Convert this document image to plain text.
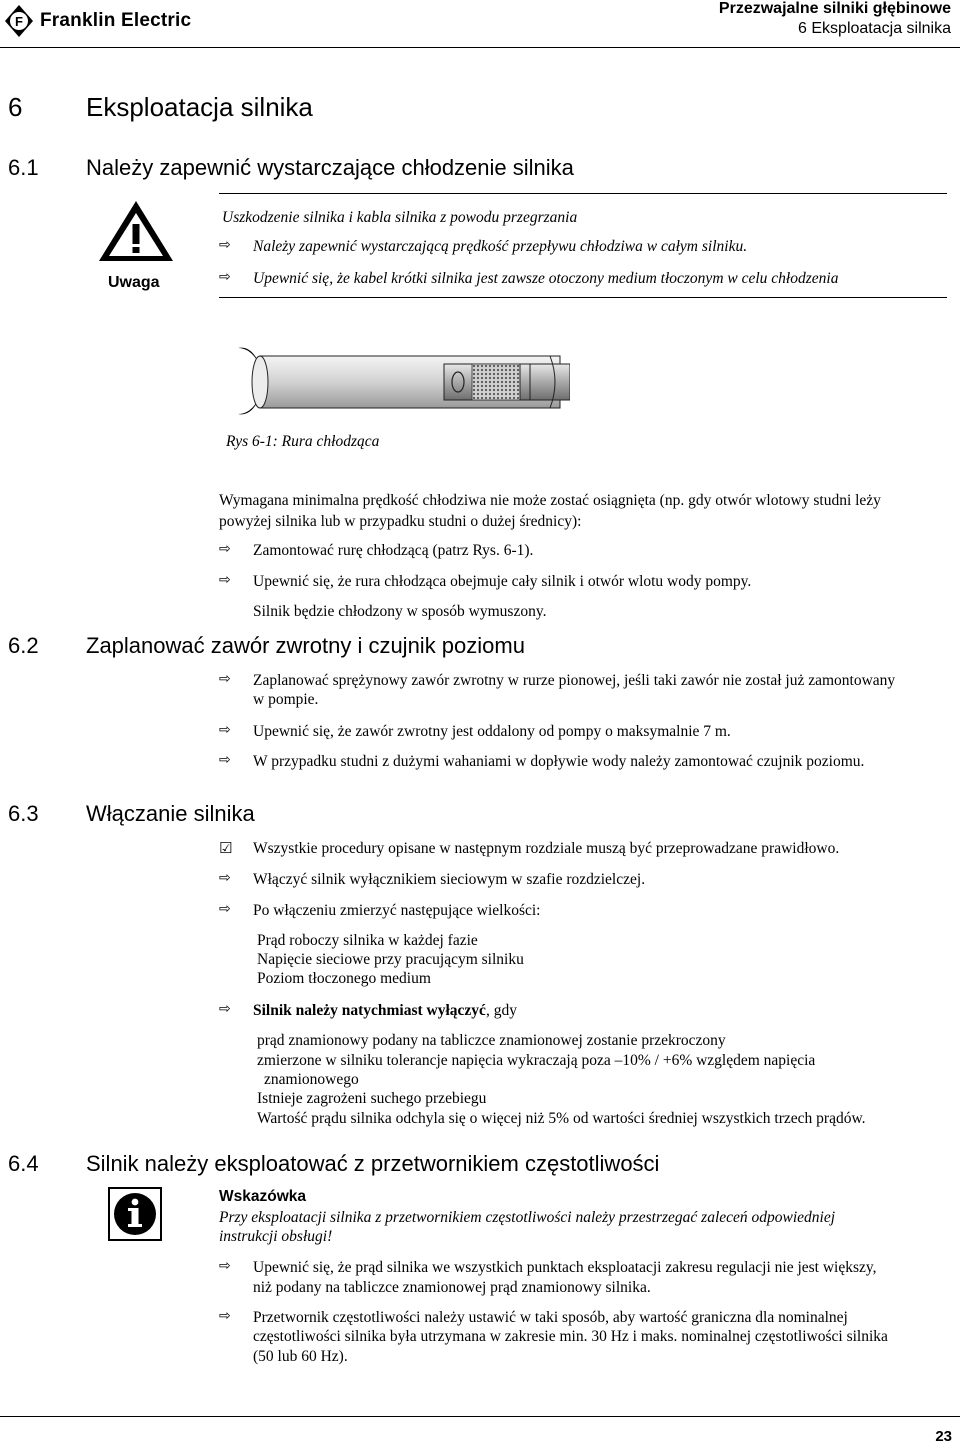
F Franklin Electric
Przezwajalne silniki głębinowe
6 Eksploatacja silnika
6 Eksploatacja silnika
6.1 Należy zapewnić wystarczające chłodzenie silnika
Uwaga
Uszkodzenie silnika i kabla silnika z powodu przegrzania
⇨ Należy zapewnić wystarczającą prędkość przepływu chłodziwa w całym silniku.
⇨ Upewnić się, że kabel krótki silnika jest zawsze otoczony medium tłoczonym w celu chłodzenia
Rys 6-1: Rura chłodząca
Wymagana minimalna prędkość chłodziwa nie może zostać osiągnięta (np. gdy otwór wlotowy studni leży
powyżej silnika lub w przypadku studni o dużej średnicy):
⇨ Zamontować rurę chłodzącą (patrz Rys. 6-1).
⇨ Upewnić się, że rura chłodząca obejmuje cały silnik i otwór wlotu wody pompy.
Silnik będzie chłodzony w sposób wymuszony.
6.2 Zaplanować zawór zwrotny i czujnik poziomu
⇨ Zaplanować sprężynowy zawór zwrotny w rurze pionowej, jeśli taki zawór nie został już zamontowany
w pompie.
⇨ Upewnić się, że zawór zwrotny jest oddalony od pompy o maksymalnie 7 m.
⇨ W przypadku studni z dużymi wahaniami w dopływie wody należy zamontować czujnik poziomu.
6.3 Włączanie silnika
☑ Wszystkie procedury opisane w następnym rozdziale muszą być przeprowadzane prawidłowo.
⇨ Włączyć silnik wyłącznikiem sieciowym w szafie rozdzielczej.
⇨ Po włączeniu zmierzyć następujące wielkości:
Prąd roboczy silnika w każdej fazie
Napięcie sieciowe przy pracującym silniku
Poziom tłoczonego medium
⇨ Silnik należy natychmiast wyłączyć, gdy
prąd znamionowy podany na tabliczce znamionowej zostanie przekroczony
zmierzone w silniku tolerancje napięcia wykraczają poza –10% / +6% względem napięcia
znamionowego
Istnieje zagrożeni suchego przebiegu
Wartość prądu silnika odchyla się o więcej niż 5% od wartości średniej wszystkich trzech prądów.
6.4 Silnik należy eksploatować z przetwornikiem częstotliwości
Wskazówka
Przy eksploatacji silnika z przetwornikiem częstotliwości należy przestrzegać zaleceń odpowiedniej
instrukcji obsługi!
⇨ Upewnić się, że prąd silnika we wszystkich punktach eksploatacji zakresu regulacji nie jest większy,
niż podany na tabliczce znamionowej prąd znamionowy silnika.
⇨ Przetwornik częstotliwości należy ustawić w taki sposób, aby wartość graniczna dla nominalnej
częstotliwości silnika była utrzymana w zakresie min. 30 Hz i maks. nominalnej częstotliwości silnika
(50 lub 60 Hz).
23
